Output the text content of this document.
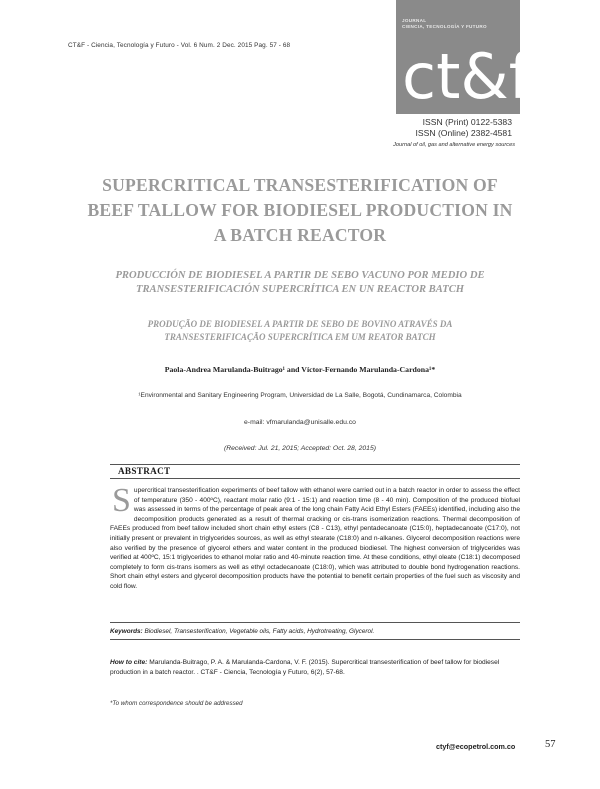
CT&F - Ciencia, Tecnología y Futuro - Vol. 6 Num. 2 Dec. 2015 Pag. 57 - 68
JOURNAL
CIENCIA, TECNOLOGÍA Y FUTURO
ct&f
ISSN (Print) 0122-5383
ISSN (Online) 2382-4581
Journal of oil, gas and alternative energy sources
SUPERCRITICAL TRANSESTERIFICATION OF BEEF TALLOW FOR BIODIESEL PRODUCTION IN A BATCH REACTOR
PRODUCCIÓN DE BIODIESEL A PARTIR DE SEBO VACUNO POR MEDIO DE TRANSESTERIFICACIÓN SUPERCRÍTICA EN UN REACTOR BATCH
PRODUÇÃO DE BIODIESEL A PARTIR DE SEBO DE BOVINO ATRAVÉS DA TRANSESTERIFICAÇÃO SUPERCRÍTICA EM UM REATOR BATCH
Paola-Andrea Marulanda-Buitrago¹ and Víctor-Fernando Marulanda-Cardona¹*
¹Environmental and Sanitary Engineering Program, Universidad de La Salle, Bogotá, Cundinamarca, Colombia
e-mail: vfmarulanda@unisalle.edu.co
(Received: Jul. 21, 2015; Accepted: Oct. 28, 2015)
ABSTRACT
Supercritical transesterification experiments of beef tallow with ethanol were carried out in a batch reactor in order to assess the effect of temperature (350 - 400ºC), reactant molar ratio (9:1 - 15:1) and reaction time (8 - 40 min). Composition of the produced biofuel was assessed in terms of the percentage of peak area of the long chain Fatty Acid Ethyl Esters (FAEEs) identified, including also the decomposition products generated as a result of thermal cracking or cis-trans isomerization reactions. Thermal decomposition of FAEEs produced from beef tallow included short chain ethyl esters (C8 - C13), ethyl pentadecanoate (C15:0), heptadecanoate (C17:0), not initially present or prevalent in triglycerides sources, as well as ethyl stearate (C18:0) and n-alkanes. Glycerol decomposition reactions were also verified by the presence of glycerol ethers and water content in the produced biodiesel. The highest conversion of triglycerides was verified at 400ºC, 15:1 triglycerides to ethanol molar ratio and 40-minute reaction time. At these conditions, ethyl oleate (C18:1) decomposed completely to form cis-trans isomers as well as ethyl octadecanoate (C18:0), which was attributed to double bond hydrogenation reactions. Short chain ethyl esters and glycerol decomposition products have the potential to benefit certain properties of the fuel such as viscosity and cold flow.
Keywords: Biodiesel, Transesterification, Vegetable oils, Fatty acids, Hydrotreating, Glycerol.
How to cite: Marulanda-Buitrago, P. A. & Marulanda-Cardona, V. F. (2015). Supercritical transesterification of beef tallow for biodiesel production in a batch reactor. . CT&F - Ciencia, Tecnología y Futuro, 6(2), 57-68.
*To whom correspondence should be addressed
ctyf@ecopetrol.com.co	57
